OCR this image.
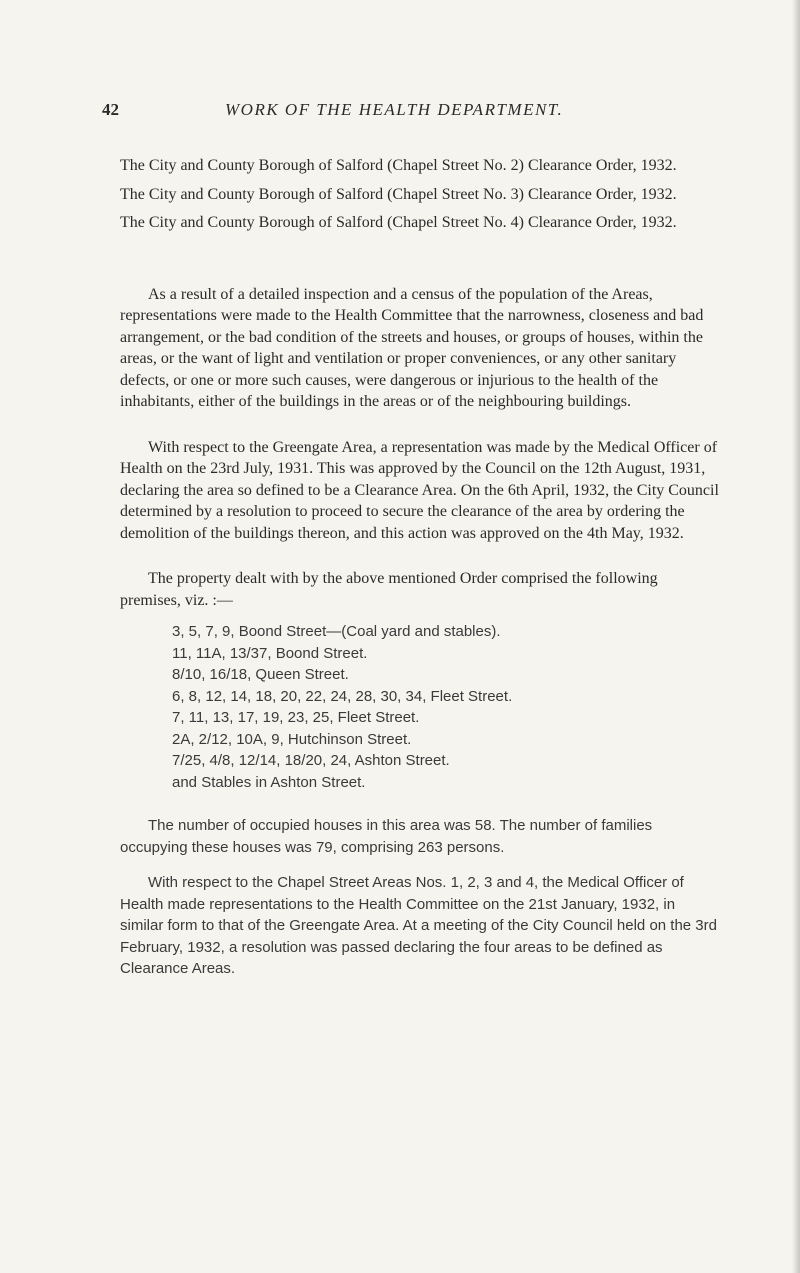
42	WORK OF THE HEALTH DEPARTMENT.

The City and County Borough of Salford (Chapel Street No. 2) Clearance Order, 1932.

The City and County Borough of Salford (Chapel Street No. 3) Clearance Order, 1932.

The City and County Borough of Salford (Chapel Street No. 4) Clearance Order, 1932.

As a result of a detailed inspection and a census of the population of the Areas, representations were made to the Health Committee that the narrowness, closeness and bad arrangement, or the bad condition of the streets and houses, or groups of houses, within the areas, or the want of light and ventilation or proper conveniences, or any other sanitary defects, or one or more such causes, were dangerous or injurious to the health of the inhabitants, either of the buildings in the areas or of the neighbouring buildings.

With respect to the Greengate Area, a representation was made by the Medical Officer of Health on the 23rd July, 1931. This was approved by the Council on the 12th August, 1931, declaring the area so defined to be a Clearance Area. On the 6th April, 1932, the City Council determined by a resolution to proceed to secure the clearance of the area by ordering the demolition of the buildings thereon, and this action was approved on the 4th May, 1932.

The property dealt with by the above mentioned Order comprised the following premises, viz. :—

3, 5, 7, 9, Boond Street—(Coal yard and stables).
11, 11A, 13/37, Boond Street.
8/10, 16/18, Queen Street.
6, 8, 12, 14, 18, 20, 22, 24, 28, 30, 34, Fleet Street.
7, 11, 13, 17, 19, 23, 25, Fleet Street.
2A, 2/12, 10A, 9, Hutchinson Street.
7/25, 4/8, 12/14, 18/20, 24, Ashton Street.
and Stables in Ashton Street.

The number of occupied houses in this area was 58. The number of families occupying these houses was 79, comprising 263 persons.

With respect to the Chapel Street Areas Nos. 1, 2, 3 and 4, the Medical Officer of Health made representations to the Health Committee on the 21st January, 1932, in similar form to that of the Greengate Area. At a meeting of the City Council held on the 3rd February, 1932, a resolution was passed declaring the four areas to be defined as Clearance Areas.
